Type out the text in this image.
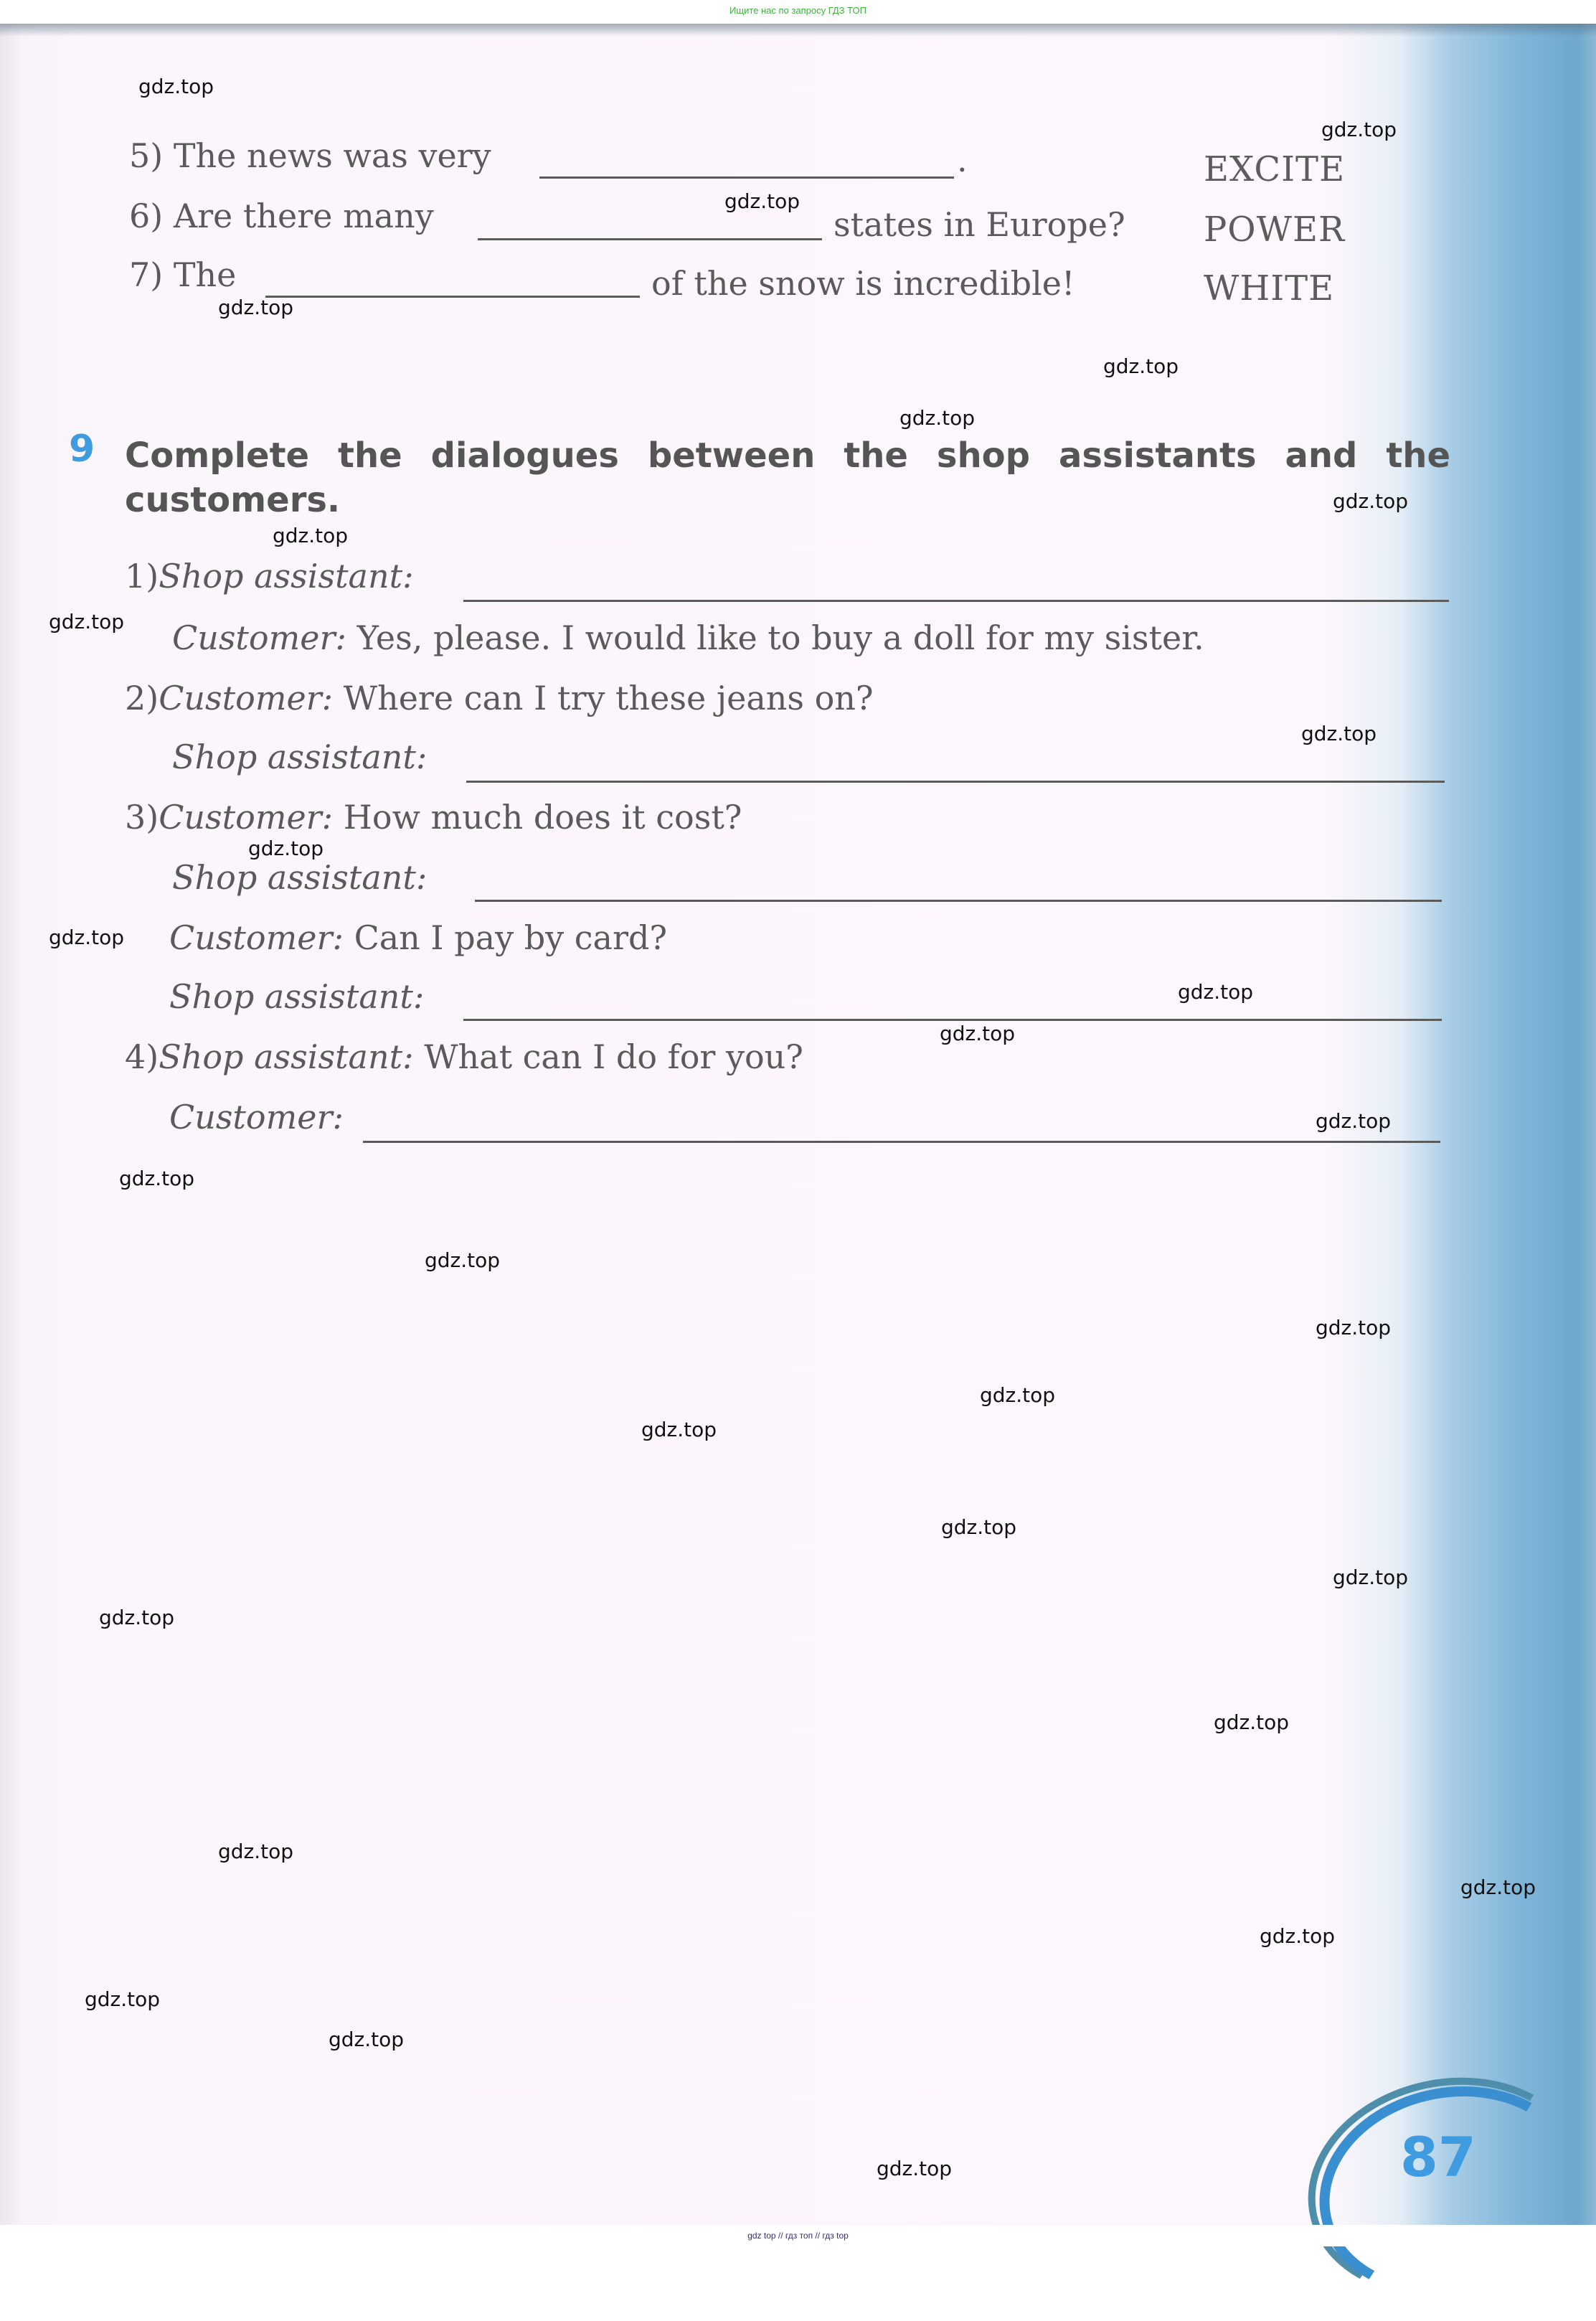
Ищите нас по запросу ГДЗ ТОП
5) The news was very	.	EXCITE
6) Are there many	states in Europe? POWER
7) The	of the snow is incredible!	WHITE
9 Complete the dialogues between the shop assistants and the customers.
1)Shop assistant:
Customer: Yes, please. I would like to buy a doll for my sister.
2)Customer: Where can I try these jeans on?
Shop assistant:
3)Customer: How much does it cost?
Shop assistant:
Customer: Can I pay by card?
Shop assistant:
4)Shop assistant: What can I do for you?
Customer:
gdz.top
gdz.top
gdz.top
gdz.top
gdz.top
gdz.top
gdz.top
gdz.top
gdz.top
gdz.top
gdz.top
gdz.top
gdz.top
gdz.top
gdz.top
gdz.top
gdz.top
gdz.top
gdz.top
gdz.top
gdz.top
gdz.top
gdz.top
gdz.top
gdz.top
gdz.top
gdz.top
gdz.top
gdz.top
gdz.top	87
gdz top // гдз топ // гдз top
